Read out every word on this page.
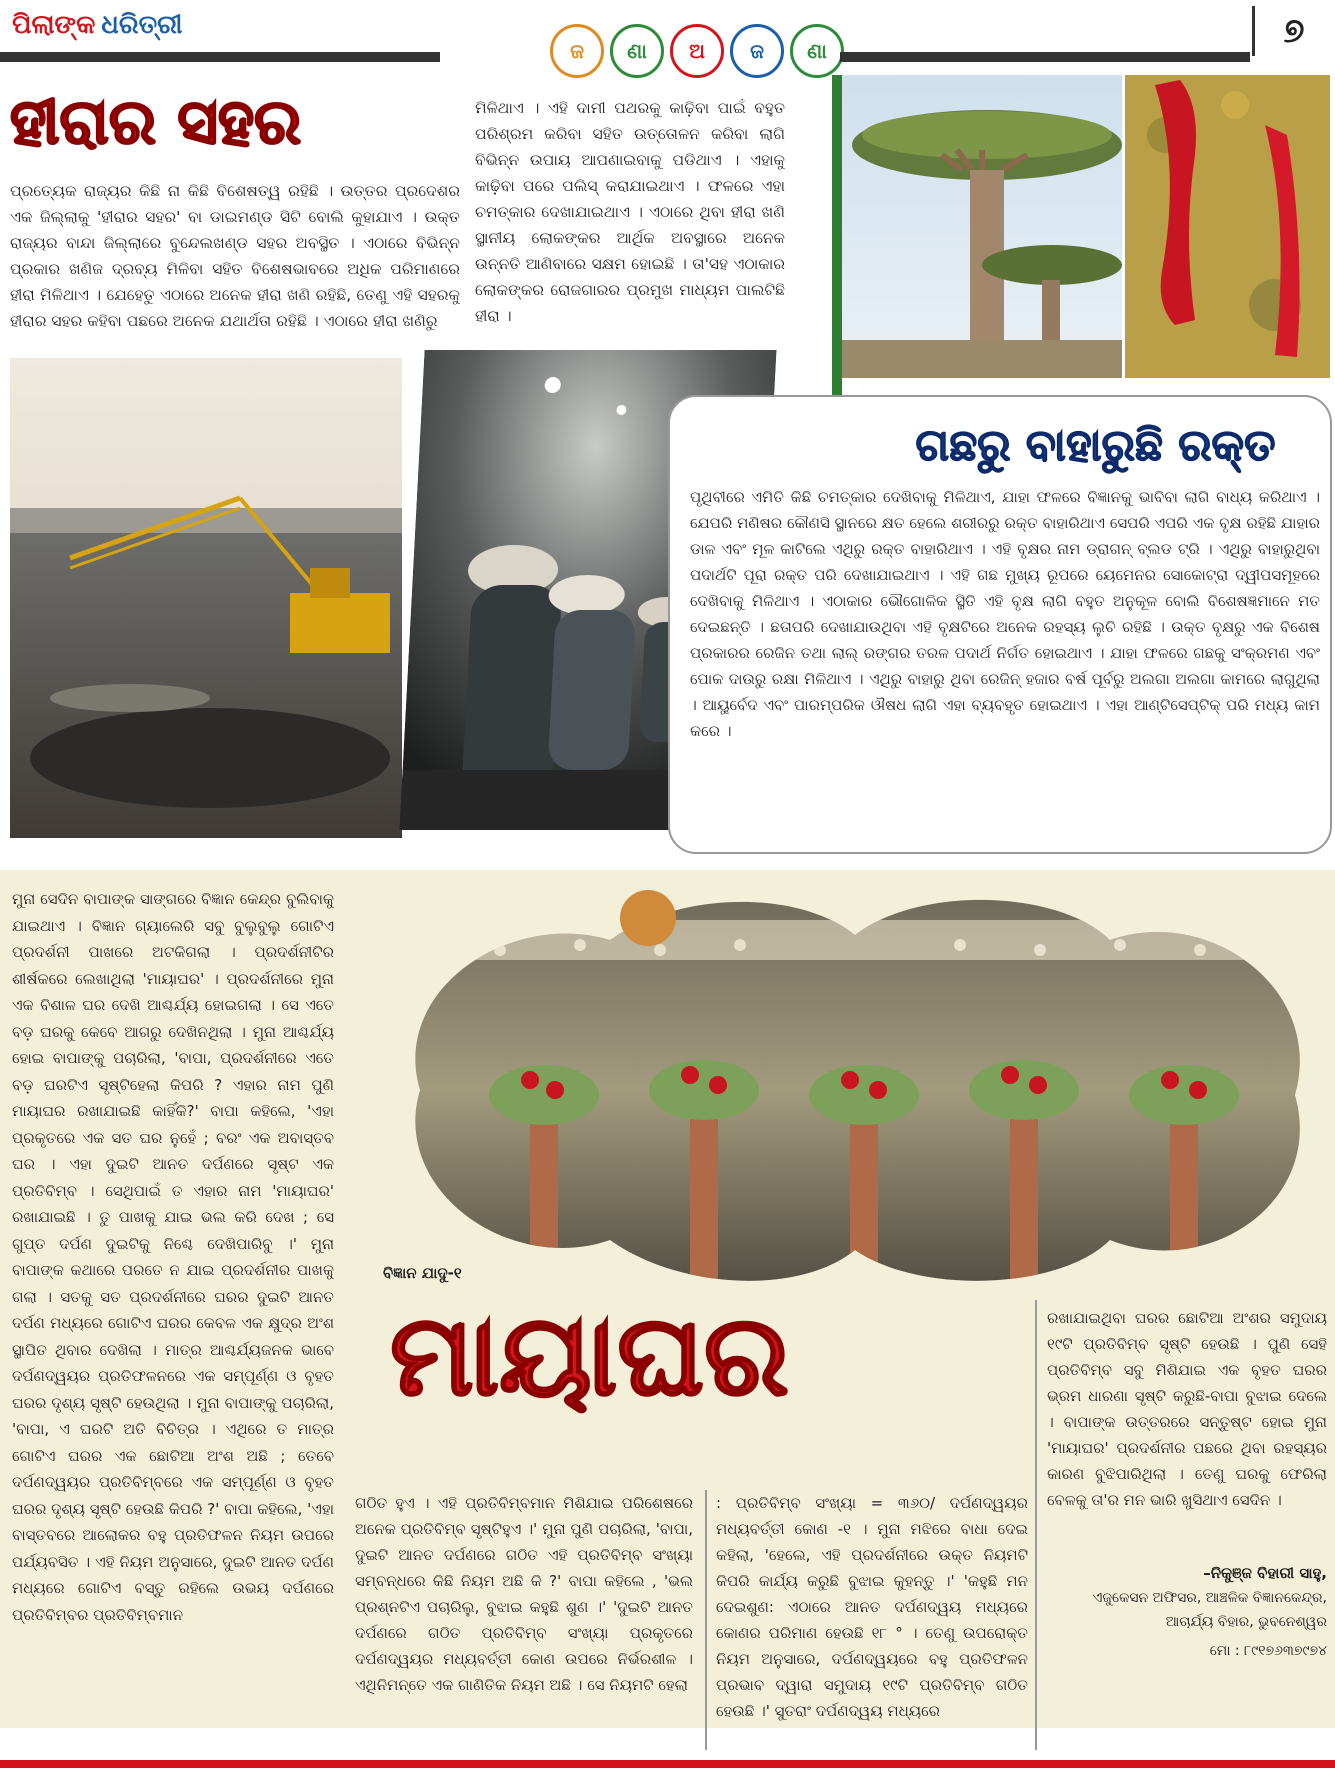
ପିଲାଙ୍କ ଧରିତ୍ରୀ
ଜ	ଣା	ଅ	ଜ	ଣା	୭
ହୀରାର ସହର
ପ୍ରତ୍ୟେକ ରାଜ୍ୟର କିଛି ନା କିଛି ବିଶେଷତ୍ୱ ରହିଛି । ଉତ୍ତର ପ୍ରଦେଶର ଏକ ଜିଲ୍ଲାକୁ 'ହୀରାର ସହର' ବା ଡାଇମଣ୍ଡ ସିଟି ବୋଲି କୁହାଯାଏ । ଉକ୍ତ ରାଜ୍ୟର ବାନ୍ଦା ଜିଲ୍ଲାରେ ବୁନ୍ଦେଲଖଣ୍ଡ ସହର ଅବସ୍ଥିତ । ଏଠାରେ ବିଭିନ୍ନ ପ୍ରକାର ଖଣିଜ ଦ୍ରବ୍ୟ ମିଳିବା ସହିତ ବିଶେଷଭାବରେ ଅଧିକ ପରିମାଣରେ ହୀରା ମିଳିଥାଏ । ଯେହେତୁ ଏଠାରେ ଅନେକ ହୀରା ଖଣି ରହିଛି, ତେଣୁ ଏହି ସହରକୁ ହୀରାର ସହର କହିବା ପଛରେ ଅନେକ ଯଥାର୍ଥତା ରହିଛି । ଏଠାରେ ହୀରା ଖଣିରୁ
ମିଳିଥାଏ । ଏହି ଦାମୀ ପଥରକୁ କାଢ଼ିବା ପାଇଁ ବହୁତ ପରିଶ୍ରମ କରିବା ସହିତ ଉତ୍ତୋଳନ କରିବା ଲାଗି ବିଭିନ୍ନ ଉପାୟ ଆପଣାଇବାକୁ ପଡିଥାଏ । ଏହାକୁ କାଢ଼ିବା ପରେ ପଲିସ୍ କରାଯାଇଥାଏ । ଫଳରେ ଏହା ଚମତ୍କାର ଦେଖାଯାଇଥାଏ । ଏଠାରେ ଥିବା ହୀରା ଖଣି ସ୍ଥାନୀୟ ଲୋକଙ୍କର ଆର୍ଥିକ ଅବସ୍ଥାରେ ଅନେକ ଉନ୍ନତି ଆଣିବାରେ ସକ୍ଷମ ହୋଇଛି । ତା'ସହ ଏଠାକାର ଲୋକଙ୍କର ରୋଜଗାରର ପ୍ରମୁଖ ମାଧ୍ୟମ ପାଲଟିଛି ହୀରା ।
ଗଛରୁ ବାହାରୁଛି ରକ୍ତ
ପୃଥିବୀରେ ଏମିତି କିଛି ଚମତ୍କାର ଦେଖିବାକୁ ମିଳିଥାଏ, ଯାହା ଫଳରେ ବିଜ୍ଞାନକୁ ଭାବିବା ଲାଗି ବାଧ୍ୟ କରିଥାଏ । ଯେପରି ମଣିଷର କୌଣସି ସ୍ଥାନରେ କ୍ଷତ ହେଲେ ଶରୀରରୁ ରକ୍ତ ବାହାରିଥାଏ ସେପରି ଏପରି ଏକ ବୃକ୍ଷ ରହିଛି ଯାହାର ଡାଳ ଏବଂ ମୂଳ କାଟିଲେ ଏଥିରୁ ରକ୍ତ ବାହାରିଥାଏ । ଏହି ବୃକ୍ଷର ନାମ ଡ୍ରାଗନ୍ ବ୍ଲଡ ଟ୍ରି । ଏଥିରୁ ବାହାରୁଥିବା ପଦାର୍ଥଟି ପୂରା ରକ୍ତ ପରି ଦେଖାଯାଇଥାଏ । ଏହି ଗଛ ମୁଖ୍ୟ ରୂପରେ ୟେମେନର ସୋକୋଟ୍ରା ଦ୍ୱୀପସମୂହରେ ଦେଖିବାକୁ ମିଳିଥାଏ । ଏଠାକାର ଭୌଗୋଳିକ ସ୍ଥିତି ଏହି ବୃକ୍ଷ ଲାଗି ବହୁତ ଅନୁକୂଳ ବୋଲି ବିଶେଷଜ୍ଞମାନେ ମତ ଦେଇଛନ୍ତି । ଛତାପରି ଦେଖାଯାଉଥିବା ଏହି ବୃକ୍ଷଟିରେ ଅନେକ ରହସ୍ୟ ଲୁଚି ରହିଛି । ଉକ୍ତ ବୃକ୍ଷରୁ ଏକ ବିଶେଷ ପ୍ରକାରର ରେଜିନ ତଥା ଲାଲ୍ ରଙ୍ଗର ତରଳ ପଦାର୍ଥ ନିର୍ଗତ ହୋଇଥାଏ । ଯାହା ଫଳରେ ଗଛକୁ ସଂକ୍ରମଣ ଏବଂ ପୋକ ଦାଉରୁ ରକ୍ଷା ମିଳିଥାଏ । ଏଥିରୁ ବାହାରୁ ଥିବା ରେଜିନ୍ ହଜାର ବର୍ଷ ପୂର୍ବରୁ ଅଲଗା ଅଲଗା କାମରେ ଲାଗୁଥିଲା । ଆୟୁର୍ବେଦ ଏବଂ ପାରମ୍ପରିକ ଔଷଧ ଲାଗି ଏହା ବ୍ୟବହୃତ ହୋଇଥାଏ । ଏହା ଆଣ୍ଟିସେପ୍ଟିକ୍ ପରି ମଧ୍ୟ କାମ କରେ ।
ବିଜ୍ଞାନ ଯାଦୁ-୧
ମାୟାଘର
ମୁନା ସେଦିନ ବାପାଙ୍କ ସାଙ୍ଗରେ ବିଜ୍ଞାନ କେନ୍ଦ୍ର ବୁଲିବାକୁ ଯାଇଥାଏ । ବିଜ୍ଞାନ ଗ୍ୟାଲେରି ସବୁ ବୁଲୁବୁଲୁ ଗୋଟିଏ ପ୍ରଦର୍ଶନୀ ପାଖରେ ଅଟକିଗଲା । ପ୍ରଦର୍ଶନୀଟିର ଶୀର୍ଷକରେ ଲେଖାଥିଲା 'ମାୟାଘର' । ପ୍ରଦର୍ଶନୀରେ ମୁନା ଏକ ବିଶାଳ ଘର ଦେଖି ଆଶ୍ଚର୍ଯ୍ୟ ହୋଇଗଲା । ସେ ଏତେ ବଡ଼ ଘରକୁ କେବେ ଆଗରୁ ଦେଖିନଥିଲା । ମୁନା ଆଶ୍ଚର୍ଯ୍ୟ ହୋଇ ବାପାଙ୍କୁ ପଚାରିଲା, 'ବାପା, ପ୍ରଦର୍ଶନୀରେ ଏତେ ବଡ଼ ଘରଟିଏ ସୃଷ୍ଟିହେଲା କିପରି ? ଏହାର ନାମ ପୁଣି ମାୟାଘର ରଖାଯାଇଛି କାହିଁକି?' ବାପା କହିଲେ, 'ଏହା ପ୍ରକୃତରେ ଏକ ସତ ଘର ନୁହେଁ ; ବରଂ ଏକ ଅବାସ୍ତବ ଘର । ଏହା ଦୁଇଟି ଆନତ ଦର୍ପଣରେ ସୃଷ୍ଟ ଏକ ପ୍ରତିବିମ୍ବ । ସେଥିପାଇଁ ତ ଏହାର ନାମ 'ମାୟାଘର' ରଖାଯାଇଛି । ତୁ ପାଖକୁ ଯାଇ ଭଲ କରି ଦେଖ ; ସେ ଗୁପ୍ତ ଦର୍ପଣ ଦୁଇଟିକୁ ନିଶ୍ଚେ ଦେଖିପାରିବୁ ।' ମୁନା ବାପାଙ୍କ କଥାରେ ପରତେ ନ ଯାଇ ପ୍ରଦର୍ଶନୀର ପାଖକୁ ଗଲା । ସତକୁ ସତ ପ୍ରଦର୍ଶନୀରେ ଘରର ଦୁଇଟି ଆନତ ଦର୍ପଣ ମଧ୍ୟରେ ଗୋଟିଏ ଘରର କେବଳ ଏକ କ୍ଷୁଦ୍ର ଅଂଶ ସ୍ଥାପିତ ଥିବାର ଦେଖିଲା । ମାତ୍ର ଆଶ୍ଚର୍ଯ୍ୟଜନକ ଭାବେ ଦର୍ପଣଦ୍ୱୟର ପ୍ରତିଫଳନରେ ଏକ ସମ୍ପୂର୍ଣ୍ଣ ଓ ବୃହତ ଘରର ଦୃଶ୍ୟ ସୃଷ୍ଟି ହେଉଥିଲା । ମୁନା ବାପାଙ୍କୁ ପଚାରିଲା, 'ବାପା, ଏ ଘରଟି ଅତି ବିଚିତ୍ର । ଏଥିରେ ତ ମାତ୍ର ଗୋଟିଏ ଘରର ଏକ ଛୋଟିଆ ଅଂଶ ଅଛି ; ତେବେ ଦର୍ପଣଦ୍ୱୟର ପ୍ରତିବିମ୍ବରେ ଏକ ସମ୍ପୂର୍ଣ୍ଣ ଓ ବୃହତ ଘରର ଦୃଶ୍ୟ ସୃଷ୍ଟି ହେଉଛି କିପରି ?' ବାପା କହିଲେ, 'ଏହା ବାସ୍ତବରେ ଆଲୋକର ବହୁ ପ୍ରତିଫଳନ ନିୟମ ଉପରେ ପର୍ଯ୍ୟବସିତ । ଏହି ନିୟମ ଅନୁସାରେ, ଦୁଇଟି ଆନତ ଦର୍ପଣ ମଧ୍ୟରେ ଗୋଟିଏ ବସ୍ତୁ ରହିଲେ ଉଭୟ ଦର୍ପଣରେ ପ୍ରତିବିମ୍ବର ପ୍ରତିବିମ୍ବମାନ
ଗଠିତ ହୁଏ । ଏହି ପ୍ରତିବିମ୍ବମାନ ମିଶିଯାଇ ପରିଶେଷରେ ଅନେକ ପ୍ରତିବିମ୍ବ ସୃଷ୍ଟିହୁଏ ।' ମୁନା ପୁଣି ପଚାରିଲା, 'ବାପା, ଦୁଇଟି ଆନତ ଦର୍ପଣରେ ଗଠିତ ଏହି ପ୍ରତିବିମ୍ବ ସଂଖ୍ୟା ସମ୍ବନ୍ଧରେ କିଛି ନିୟମ ଅଛି କି ?' ବାପା କହିଲେ , 'ଭଲ ପ୍ରଶ୍ନଟିଏ ପଚାରିଲୁ, ବୁଝାଇ କହୁଛି ଶୁଣ ।' 'ଦୁଇଟି ଆନତ ଦର୍ପଣରେ ଗଠିତ ପ୍ରତିବିମ୍ବ ସଂଖ୍ୟା ପ୍ରକୃତରେ ଦର୍ପଣଦ୍ୱୟର ମଧ୍ୟବର୍ତ୍ତୀ କୋଣ ଉପରେ ନିର୍ଭରଶୀଳ । ଏଥିନିମନ୍ତେ ଏକ ଗାଣିତିକ ନିୟମ ଅଛି । ସେ ନିୟମଟି ହେଲା
: ପ୍ରତିବିମ୍ବ ସଂଖ୍ୟା = ୩୬୦/ ଦର୍ପଣଦ୍ୱୟର ମଧ୍ୟବର୍ତ୍ତୀ କୋଣ -୧ । ମୁନା ମଝିରେ ବାଧା ଦେଇ କହିଲା, 'ହେଲେ, ଏହି ପ୍ରଦର୍ଶନୀରେ ଉକ୍ତ ନିୟମଟି କିପରି କାର୍ଯ୍ୟ କରୁଛି ବୁଝାଇ କୁହନ୍ତୁ ।' 'କହୁଛି ମନ ଦେଇଶୁଣ: ଏଠାରେ ଆନତ ଦର୍ପଣଦ୍ୱୟ ମଧ୍ୟରେ କୋଣର ପରିମାଣ ହେଉଛି ୧୮ ° । ତେଣୁ ଉପରୋକ୍ତ ନିୟମ ଅନୁସାରେ, ଦର୍ପଣଦ୍ୱୟରେ ବହୁ ପ୍ରତିଫଳନ ପ୍ରଭାବ ଦ୍ୱାରା ସମୁଦାୟ ୧୯ଟି ପ୍ରତିବିମ୍ବ ଗଠିତ ହେଉଛି ।' ସୁତରାଂ ଦର୍ପଣଦ୍ୱୟ ମଧ୍ୟରେ
ରଖାଯାଇଥିବା ଘରର ଛୋଟିଆ ଅଂଶର ସମୁଦାୟ ୧୯ଟି ପ୍ରତିବିମ୍ବ ସୃଷ୍ଟି ହେଉଛି । ପୁଣି ସେହି ପ୍ରତିବିମ୍ବ ସବୁ ମିଶିଯାଇ ଏକ ବୃହତ ଘରର ଭ୍ରମ ଧାରଣା ସୃଷ୍ଟି କରୁଛି-ବାପା ବୁଝାଇ ଦେଲେ । ବାପାଙ୍କ ଉତ୍ତରରେ ସନ୍ତୁଷ୍ଟ ହୋଇ ମୁନା 'ମାୟାଘର' ପ୍ରଦର୍ଶନୀର ପଛରେ ଥିବା ରହସ୍ୟର କାରଣ ବୁଝିପାରିଥିଲା । ତେଣୁ ଘରକୁ ଫେରିଲା ବେଳକୁ ତା'ର ମନ ଭାରି ଖୁସିଥାଏ ସେଦିନ ।
–ନିକୁଞ୍ଜ ବିହାରୀ ସାହୁ,
ଏଜୁକେସନ ଅଫିସର, ଆଞ୍ଚଳିକ ବିଜ୍ଞାନକେନ୍ଦ୍ର, ଆଚାର୍ଯ୍ୟ ବିହାର, ଭୁବନେଶ୍ୱର
ମୋ : ୮୯୧୭୬୩୭୯୭୪
